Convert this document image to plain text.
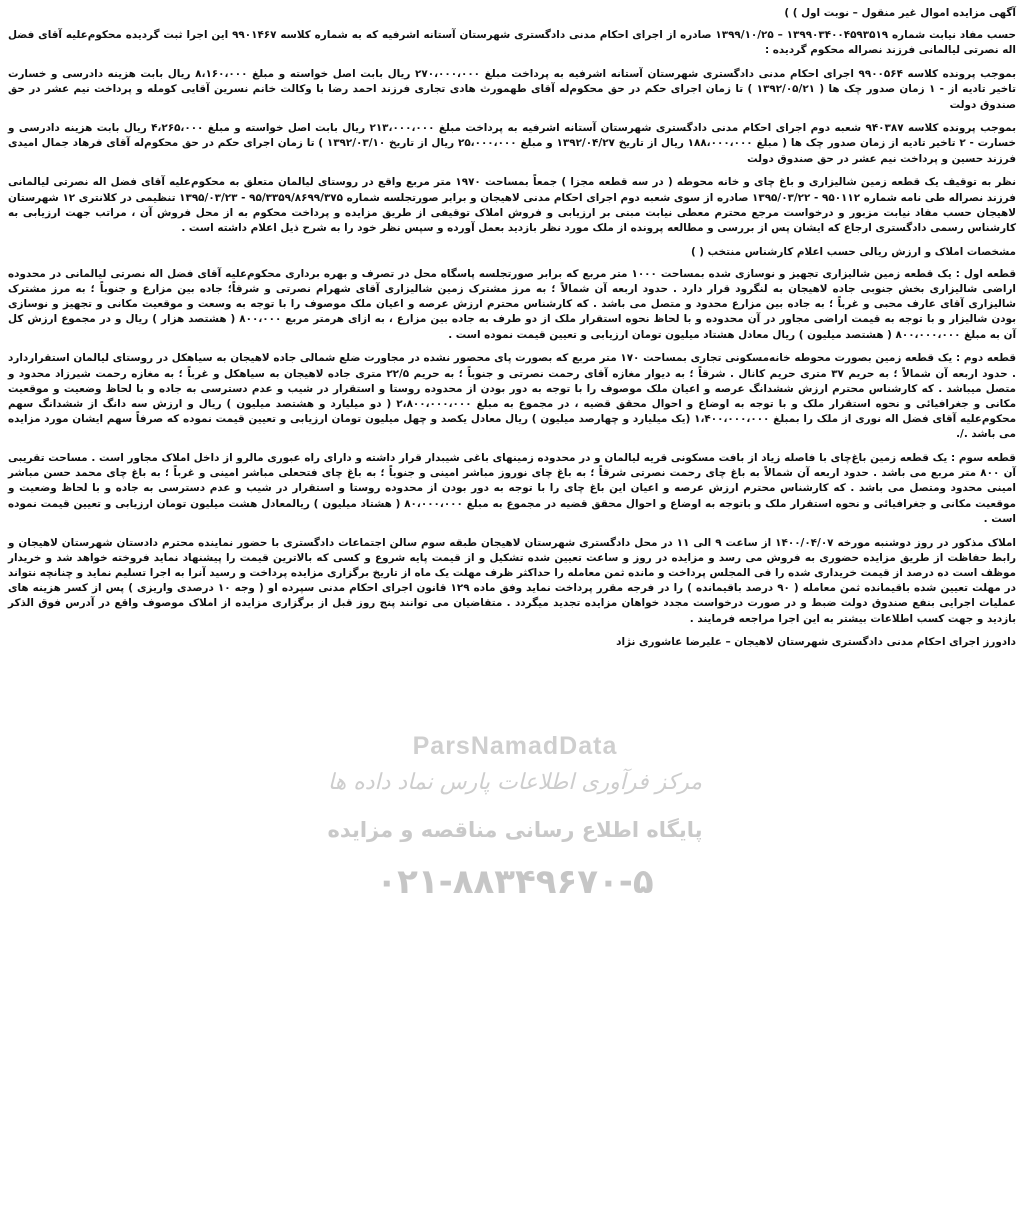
آگهی مزایده اموال غیر منقول – نوبت اول ) )

حسب مفاد نیابت شماره ۱۳۹۹۰۳۴۰۰۴۵۹۳۵۱۹ – ۱۳۹۹/۱۰/۲۵ صادره از اجرای احکام مدنی دادگستری شهرستان آستانه اشرفیه که به شماره کلاسه ۹۹۰۱۴۶۷ این اجرا ثبت گردیده محکوم‌علیه آقای فضل اله نصرتی لیالمانی فرزند نصراله محکوم گردیده :

بموجب پرونده کلاسه ۹۹۰۰۵۶۴ اجرای احکام مدنی دادگستری شهرستان آستانه اشرفیه به پرداخت مبلغ ۲۷۰،۰۰۰،۰۰۰ ریال بابت اصل خواسته و مبلغ ۸،۱۶۰،۰۰۰ ریال بابت هزینه دادرسی و خسارت تاخیر تادیه از - ۱ زمان صدور چک ها ( ۱۳۹۲/۰۵/۲۱ ) تا زمان اجرای حکم در حق محکوم‌له آقای طهمورث هادی تجاری فرزند احمد رضا با وکالت خانم نسرین آقایی کومله و پرداخت نیم عشر در حق صندوق دولت

بموجب پرونده کلاسه ۹۴۰۳۸۷ شعبه دوم اجرای احکام مدنی دادگستری شهرستان آستانه اشرفیه به پرداخت مبلغ ۲۱۳،۰۰۰،۰۰۰ ریال بابت اصل خواسته و مبلغ ۴،۲۶۵،۰۰۰ ریال بابت هزینه دادرسی و خسارت - ۲ تاخیر تادیه از زمان صدور چک ها ( مبلغ ۱۸۸،۰۰۰،۰۰۰ ریال از تاریخ ۱۳۹۲/۰۴/۲۷ و مبلغ ۲۵،۰۰۰،۰۰۰ ریال از تاریخ ۱۳۹۲/۰۳/۱۰ ) تا زمان اجرای حکم در حق محکوم‌له آقای فرهاد جمال امیدی فرزند حسین و پرداخت نیم عشر در حق صندوق دولت

نظر به توقیف یک قطعه زمین شالیزاری و باغ چای و خانه محوطه ( در سه قطعه مجزا ) جمعاً بمساحت ۱۹۷۰ متر مربع واقع در روستای لیالمان متعلق به محکوم‌علیه آقای فضل اله نصرتی لیالمانی فرزند نصراله طی نامه شماره ۹۵۰۱۱۲ - ۱۳۹۵/۰۳/۲۲ صادره از سوی شعبه دوم اجرای احکام مدنی لاهیجان و برابر صورتجلسه شماره ۹۵/۳۳۵۹/۸۶۹۹/۳۷۵ - ۱۳۹۵/۰۳/۲۳ تنظیمی در کلانتری ۱۲ شهرستان لاهیجان حسب مفاد نیابت مزبور و درخواست مرجع محترم معطی نیابت مبنی بر ارزیابی و فروش املاک توقیفی از طریق مزایده و پرداخت محکوم به از محل فروش آن ، مراتب جهت ارزیابی به کارشناس رسمی دادگستری ارجاع که ایشان پس از بررسی و مطالعه پرونده از ملک مورد نظر بازدید بعمل آورده و سپس نظر خود را به شرح ذیل اعلام داشته است .

مشخصات املاک و ارزش ریالی حسب اعلام کارشناس منتخب ( )

قطعه اول : یک قطعه زمین شالیزاری تجهیز و نوسازی شده بمساحت ۱۰۰۰ متر مربع که برابر صورتجلسه پاسگاه محل در تصرف و بهره برداری محکوم‌علیه آقای فضل اله نصرتی لیالمانی در محدوده اراضی شالیزاری بخش جنوبی جاده لاهیجان به لنگرود قرار دارد . حدود اربعه آن شمالاً ؛ به مرز مشترک زمین شالیزاری آقای شهرام نصرتی و شرقاً؛ جاده بین مزارع و جنوباً ؛ به مرز مشترک شالیزاری آقای عارف محبی و غرباً ؛ به جاده بین مزارع محدود و متصل می باشد . که کارشناس محترم ارزش عرصه و اعیان ملک موصوف را با توجه به وسعت و موقعیت مکانی و تجهیز و نوسازی بودن شالیزار و با توجه به قیمت اراضی مجاور در آن محدوده و با لحاظ نحوه استقرار ملک از دو طرف به جاده بین مزارع ، به ازای هرمتر مربع ۸۰۰،۰۰۰ ( هشتصد هزار ) ریال و در مجموع ارزش کل آن به مبلغ ۸۰۰،۰۰۰،۰۰۰ ( هشتصد میلیون ) ریال معادل هشتاد میلیون تومان ارزیابی و تعیین قیمت نموده است .

قطعه دوم : یک قطعه زمین بصورت محوطه خانه‌مسکونی تجاری بمساحت ۱۷۰ متر مربع که بصورت پای محصور نشده در مجاورت ضلع شمالی جاده لاهیجان به سیاهکل در روستای لیالمان استقراردارد . حدود اربعه آن شمالاً ؛ به حریم ۳۷ متری حریم کانال . شرقاً ؛ به دیوار مغازه آقای رحمت نصرتی و جنوباً ؛ به حریم ۲۲/۵ متری جاده لاهیجان به سیاهکل و غرباً ؛ به مغازه رحمت شیرزاد محدود و متصل میباشد . که کارشناس محترم ارزش ششدانگ عرصه و اعیان ملک موصوف را با توجه به دور بودن از محدوده روستا و استقرار در شیب و عدم دسترسی به جاده و با لحاظ وضعیت و موقعیت مکانی و جغرافیائی و نحوه استقرار ملک و با توجه به اوضاع و احوال محقق قضیه ، در مجموع به مبلغ ۲،۸۰۰،۰۰۰،۰۰۰ ( دو میلیارد و هشتصد میلیون ) ریال و ارزش سه دانگ از ششدانگ سهم محکوم‌علیه آقای فضل اله نوری از ملک را بمبلغ ۱،۴۰۰،۰۰۰،۰۰۰ (یک میلیارد و چهارصد میلیون ) ریال معادل یکصد و چهل میلیون تومان ارزیابی و تعیین قیمت نموده که صرفاً سهم ایشان مورد مزایده می باشد ./.

قطعه سوم : یک قطعه زمین باغ‌چای با فاصله زیاد از بافت مسکونی قریه لیالمان و در محدوده زمینهای باغی شیبدار قرار داشته و دارای راه عبوری مالرو از داخل املاک مجاور است . مساحت تقریبی آن ۸۰۰ متر مربع می باشد . حدود اربعه آن شمالاً به باغ چای رحمت نصرتی شرقاً ؛ به باغ چای نوروز مباشر امینی و جنوباً ؛ به باغ چای فتحعلی مباشر امینی و غرباً ؛ به باغ چای محمد حسن مباشر امینی محدود ومتصل می باشد . که کارشناس محترم ارزش عرصه و اعیان این باغ چای را با توجه به دور بودن از محدوده روستا و استقرار در شیب و عدم دسترسی به جاده و با لحاظ وضعیت و موقعیت مکانی و جغرافیائی و نحوه استقرار ملک و باتوجه به اوضاع و احوال محقق قضیه در مجموع به مبلغ ۸۰،۰۰۰،۰۰۰ ( هشتاد میلیون ) ریالمعادل هشت میلیون تومان ارزیابی و تعیین قیمت نموده است .

املاک مذکور در روز دوشنبه مورخه ۱۴۰۰/۰۴/۰۷ از ساعت ۹ الی ۱۱ در محل دادگستری شهرستان لاهیجان طبقه سوم سالن اجتماعات دادگستری با حضور نماینده محترم دادستان شهرستان لاهیجان و رابط حفاظت از طریق مزایده حضوری به فروش می رسد و مزایده در روز و ساعت تعیین شده تشکیل و از قیمت پایه شروع و کسی که بالاترین قیمت را پیشنهاد نماید فروخته خواهد شد و خریدار موظف است ده درصد از قیمت خریداری شده را فی المجلس پرداخت و مانده ثمن معامله را حداکثر ظرف مهلت یک ماه از تاریخ برگزاری مزایده پرداخت و رسید آنرا به اجرا تسلیم نماید و چنانچه نتواند در مهلت تعیین شده باقیمانده ثمن معامله ( ۹۰ درصد باقیمانده ) را در فرجه مقرر پرداخت نماید وفق ماده ۱۲۹ قانون اجرای احکام مدنی سپرده او ( وجه ۱۰ درصدی واریزی ) پس از کسر هزینه های عملیات اجرایی بنفع صندوق دولت ضبط و در صورت درخواست مجدد خواهان مزایده تجدید میگردد . متقاضیان می توانند پنج روز قبل از برگزاری مزایده از املاک موصوف واقع در آدرس فوق الذکر بازدید و جهت کسب اطلاعات بیشتر به این اجرا مراجعه فرمایند .

دادورز اجرای احکام مدنی دادگستری شهرستان لاهیجان – علیرضا عاشوری نژاد

ParsNamadData
مرکز فرآوری اطلاعات پارس نماد داده ها
پایگاه اطلاع رسانی مناقصه و مزایده
۰۲۱-۸۸۳۴۹۶۷۰-۵
